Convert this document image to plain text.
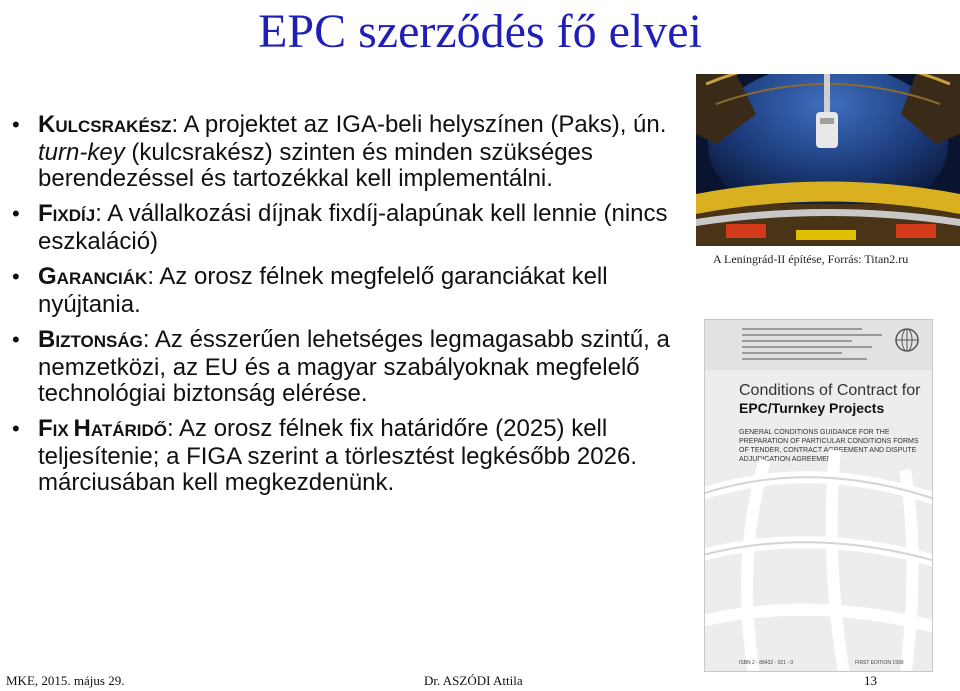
EPC szerződés fő elvei
• KULCSRAKÉSZ: A projektet az IGA-beli helyszínen (Paks), ún. turn-key (kulcsrakész) szinten és minden szükséges berendezéssel és tartozékkal kell implementálni.
• FIXDÍJ: A vállalkozási díjnak fixdíj-alapúnak kell lennie (nincs eszkaláció)
• GARANCIÁK: Az orosz félnek megfelelő garanciákat kell nyújtania.
• BIZTONSÁG: Az ésszerűen lehetséges legmagasabb szintű, a nemzetközi, az EU és a magyar szabályoknak megfelelő technológiai biztonság elérése.
• FIX HATÁRIDŐ: Az orosz félnek fix határidőre (2025) kell teljesítenie; a FIGA szerint a törlesztést legkésőbb 2026. márciusában kell megkezdenünk.
A Leningrád-II építése, Forrás: Titan2.ru
Conditions of Contract for
EPC/Turnkey Projects
GENERAL CONDITIONS GUIDANCE FOR THE PREPARATION OF PARTICULAR CONDITIONS FORMS OF TENDER, CONTRACT AGREEMENT AND DISPUTE ADJUDICATION AGREEMENT
ISBN 2 - 88432 - 021 - 0	FIRST EDITION 1999
MKE, 2015. május 29.	Dr. ASZÓDI Attila	13
